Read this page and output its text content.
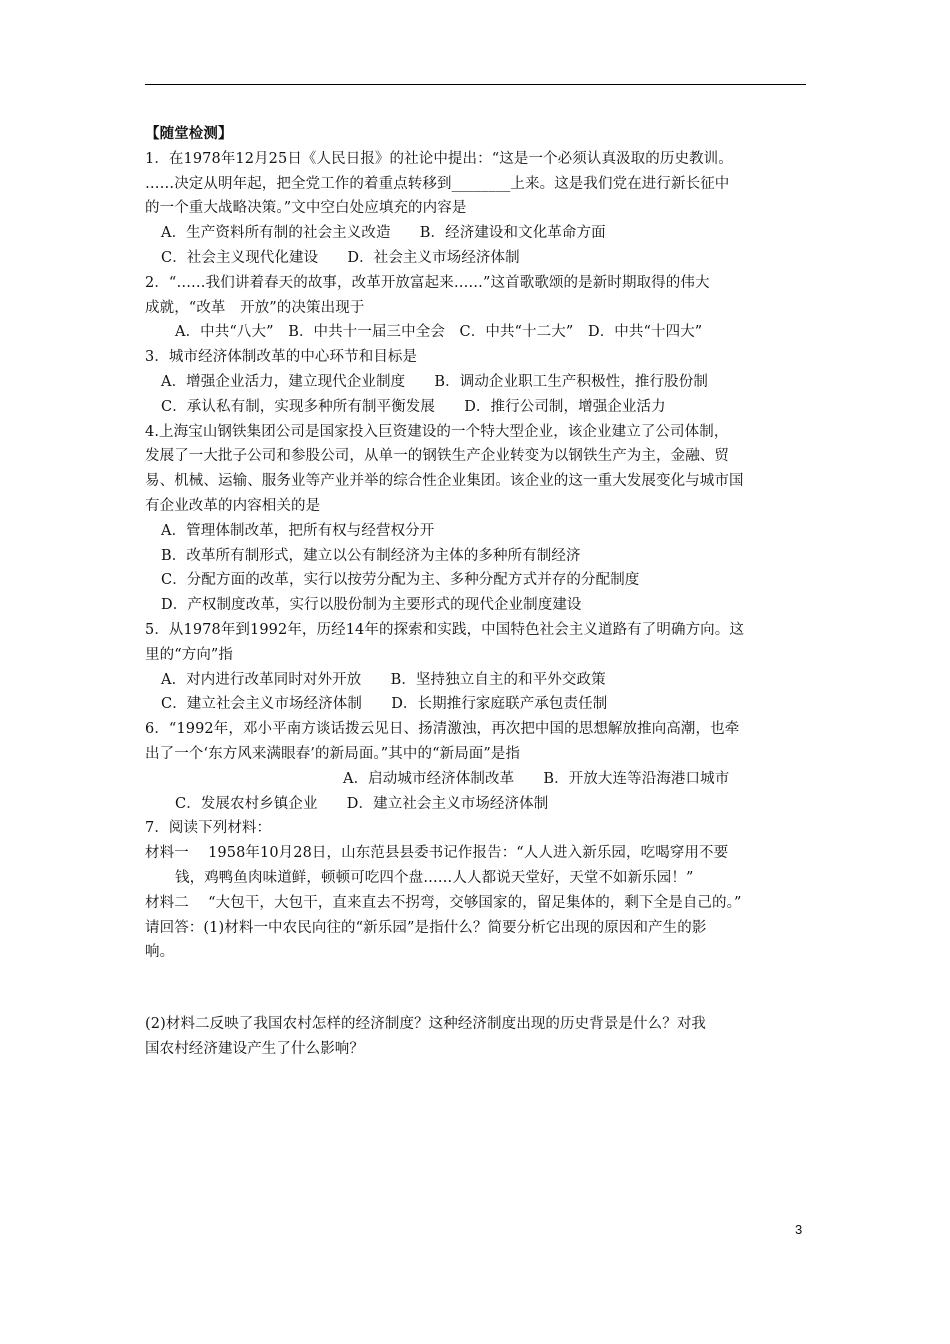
【随堂检测】
1．在1978年12月25日《人民日报》的社论中提出：“这是一个必须认真汲取的历史教训。
……决定从明年起，把全党工作的着重点转移到________上来。这是我们党在进行新长征中
的一个重大战略决策。”文中空白处应填充的内容是
A．生产资料所有制的社会主义改造　　B．经济建设和文化革命方面
C．社会主义现代化建设　　D．社会主义市场经济体制
2．“……我们讲着春天的故事，改革开放富起来……”这首歌歌颂的是新时期取得的伟大
成就，“改革　开放”的决策出现于
A．中共“八大”　B．中共十一届三中全会　C．中共“十二大”　D．中共“十四大”
3．城市经济体制改革的中心环节和目标是
A．增强企业活力，建立现代企业制度　　B．调动企业职工生产积极性，推行股份制
C．承认私有制，实现多种所有制平衡发展　　D．推行公司制，增强企业活力
4.上海宝山钢铁集团公司是国家投入巨资建设的一个特大型企业，该企业建立了公司体制，
发展了一大批子公司和参股公司，从单一的钢铁生产企业转变为以钢铁生产为主，金融、贸
易、机械、运输、服务业等产业并举的综合性企业集团。该企业的这一重大发展变化与城市国
有企业改革的内容相关的是
A．管理体制改革，把所有权与经营权分开
B．改革所有制形式，建立以公有制经济为主体的多种所有制经济
C．分配方面的改革，实行以按劳分配为主、多种分配方式并存的分配制度
D．产权制度改革，实行以股份制为主要形式的现代企业制度建设
5．从1978年到1992年，历经14年的探索和实践，中国特色社会主义道路有了明确方向。这
里的“方向”指
A．对内进行改革同时对外开放　　B．坚持独立自主的和平外交政策
C．建立社会主义市场经济体制　　D．长期推行家庭联产承包责任制
6．“1992年，邓小平南方谈话拨云见日、扬清激浊，再次把中国的思想解放推向高潮，也牵
出了一个‘东方风来满眼春’的新局面。”其中的“新局面”是指
A．启动城市经济体制改革　　B．开放大连等沿海港口城市
C．发展农村乡镇企业　　D．建立社会主义市场经济体制
7．阅读下列材料：
材料一　 1958年10月28日，山东范县县委书记作报告：“人人进入新乐园，吃喝穿用不要
钱，鸡鸭鱼肉味道鲜，顿顿可吃四个盘……人人都说天堂好，天堂不如新乐园！”
材料二　 “大包干，大包干，直来直去不拐弯，交够国家的，留足集体的，剩下全是自己的。”
请回答：(1)材料一中农民向往的“新乐园”是指什么？简要分析它出现的原因和产生的影
响。
(2)材料二反映了我国农村怎样的经济制度？这种经济制度出现的历史背景是什么？对我
国农村经济建设产生了什么影响？
3
